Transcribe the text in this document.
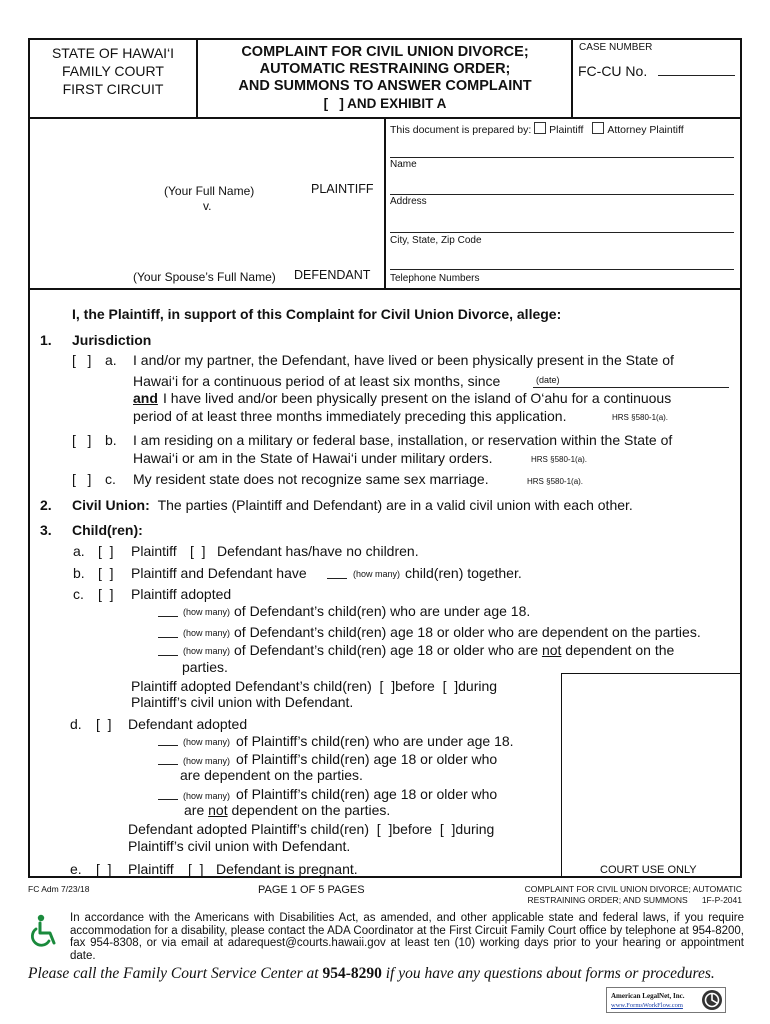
STATE OF HAWAI‘I
FAMILY COURT
FIRST CIRCUIT
COMPLAINT FOR CIVIL UNION DIVORCE;
AUTOMATIC RESTRAINING ORDER;
AND SUMMONS TO ANSWER COMPLAINT
[   ] AND EXHIBIT A
CASE NUMBER
FC-CU No.
This document is prepared by: Plaintiff Attorney Plaintiff
Name
Address
City, State, Zip Code
Telephone Numbers
(Your Full Name)	PLAINTIFF
v.
(Your Spouse’s Full Name) DEFENDANT
I, the Plaintiff, in support of this Complaint for Civil Union Divorce, allege:
1. Jurisdiction
[   ] a. I and/or my partner, the Defendant, have lived or been physically present in the State of
Hawai‘i for a continuous period of at least six months, since	(date)
and I have lived and/or been physically present on the island of O‘ahu for a continuous
period of at least three months immediately preceding this application.	HRS §580-1(a).
[   ] b. I am residing on a military or federal base, installation, or reservation within the State of
Hawai‘i or am in the State of Hawai‘i under military orders.	HRS §580-1(a).
[   ] c. My resident state does not recognize same sex marriage.	HRS §580-1(a).
2. Civil Union: The parties (Plaintiff and Defendant) are in a valid civil union with each other.
3. Child(ren):
a. [  ] Plaintiff [  ] Defendant has/have no children.
b. [  ] Plaintiff and Defendant have	(how many) child(ren) together.
c. [  ] Plaintiff adopted
(how many) of Defendant’s child(ren) who are under age 18.
(how many) of Defendant’s child(ren) age 18 or older who are dependent on the parties.
(how many) of Defendant’s child(ren) age 18 or older who are not dependent on the
parties.
Plaintiff adopted Defendant’s child(ren) [  ]before [  ]during
Plaintiff’s civil union with Defendant.
COURT USE ONLY
d. [  ] Defendant adopted
(how many) of Plaintiff’s child(ren) who are under age 18.
(how many) of Plaintiff’s child(ren) age 18 or older who
are dependent on the parties.
(how many) of Plaintiff’s child(ren) age 18 or older who
are not dependent on the parties.
Defendant adopted Plaintiff’s child(ren) [  ]before [  ]during
Plaintiff’s civil union with Defendant.
e. [  ] Plaintiff [  ] Defendant is pregnant.
FC Adm 7/23/18	PAGE 1 OF 5 PAGES	COMPLAINT FOR CIVIL UNION DIVORCE; AUTOMATIC
RESTRAINING ORDER; AND SUMMONS 1F-P-2041
In accordance with the Americans with Disabilities Act, as amended, and other applicable state and federal laws, if you require accommodation for a disability, please contact the ADA Coordinator at the First Circuit Family Court office by telephone at 954-8200, fax 954-8308, or via email at adarequest@courts.hawaii.gov at least ten (10) working days prior to your hearing or appointment date.
Please call the Family Court Service Center at 954-8290 if you have any questions about forms or procedures.
American LegalNet, Inc.
www.FormsWorkFlow.com
